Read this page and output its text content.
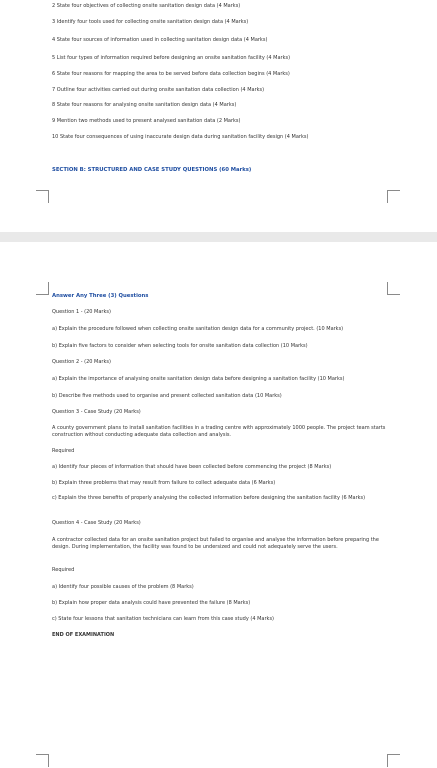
2 State four objectives of collecting onsite sanitation design data (4 Marks)
3 Identify four tools used for collecting onsite sanitation design data (4 Marks)
4 State four sources of information used in collecting sanitation design data (4 Marks)
5 List four types of information required before designing an onsite sanitation facility (4 Marks)
6 State four reasons for mapping the area to be served before data collection begins (4 Marks)
7 Outline four activities carried out during onsite sanitation data collection (4 Marks)
8 State four reasons for analysing onsite sanitation design data (4 Marks)
9 Mention two methods used to present analysed sanitation data (2 Marks)
10 State four consequences of using inaccurate design data during sanitation facility design (4 Marks)
SECTION B: STRUCTURED AND CASE STUDY QUESTIONS (60 Marks)
Answer Any Three (3) Questions
Question 1 - (20 Marks)
a) Explain the procedure followed when collecting onsite sanitation design data for a community project. (10 Marks)
b) Explain five factors to consider when selecting tools for onsite sanitation data collection (10 Marks)
Question 2 - (20 Marks)
a) Explain the importance of analysing onsite sanitation design data before designing a sanitation facility (10 Marks)
b) Describe five methods used to organise and present collected sanitation data (10 Marks)
Question 3 - Case Study (20 Marks)
A county government plans to install sanitation facilities in a trading centre with approximately 1000 people. The project team starts construction without conducting adequate data collection and analysis.
Required
a) Identify four pieces of information that should have been collected before commencing the project (8 Marks)
b) Explain three problems that may result from failure to collect adequate data (6 Marks)
c) Explain the three benefits of properly analysing the collected information before designing the sanitation facility (6 Marks)
Question 4 - Case Study (20 Marks)
A contractor collected data for an onsite sanitation project but failed to organise and analyse the information before preparing the design. During implementation, the facility was found to be undersized and could not adequately serve the users.
Required
a) Identify four possible causes of the problem (8 Marks)
b) Explain how proper data analysis could have prevented the failure (8 Marks)
c) State four lessons that sanitation technicians can learn from this case study (4 Marks)
END OF EXAMINATION
